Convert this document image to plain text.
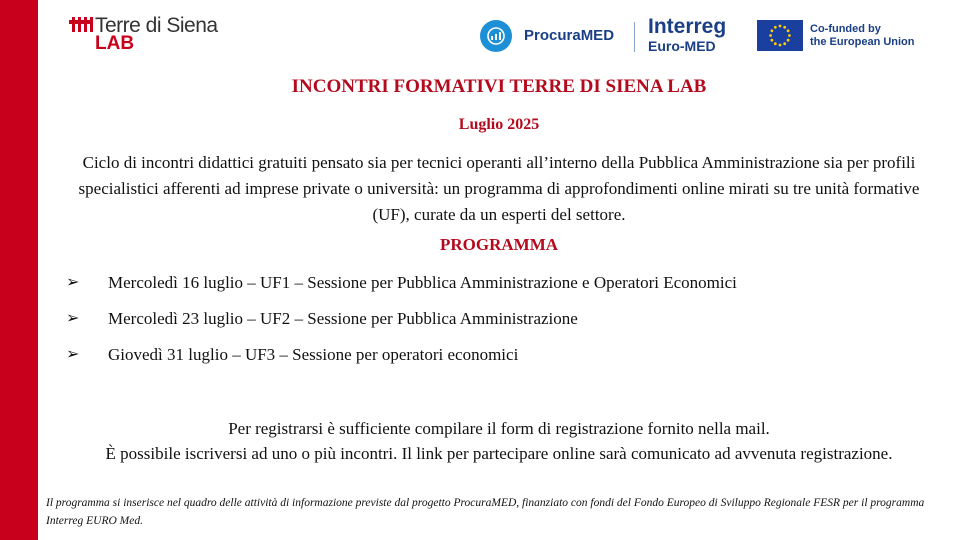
Terre di Siena
LAB	ProcuraMED Interreg
Euro-MED
Co-funded by
the European Union
INCONTRI FORMATIVI TERRE DI SIENA LAB
Luglio 2025
Ciclo di incontri didattici gratuiti pensato sia per tecnici operanti all’interno della Pubblica Amministrazione sia per profili specialistici afferenti ad imprese private o università: un programma di approfondimenti online mirati su tre unità formative (UF), curate da un esperti del settore.
PROGRAMMA
➢ Mercoledì 16 luglio – UF1 – Sessione per Pubblica Amministrazione e Operatori Economici
➢ Mercoledì 23 luglio – UF2 – Sessione per Pubblica Amministrazione
➢ Giovedì 31 luglio – UF3 – Sessione per operatori economici
Per registrarsi è sufficiente compilare il form di registrazione fornito nella mail.
È possibile iscriversi ad uno o più incontri. Il link per partecipare online sarà comunicato ad avvenuta registrazione.
Il programma si inserisce nel quadro delle attività di informazione previste dal progetto ProcuraMED, finanziato con fondi del Fondo Europeo di Sviluppo Regionale FESR per il programma Interreg EURO Med.
